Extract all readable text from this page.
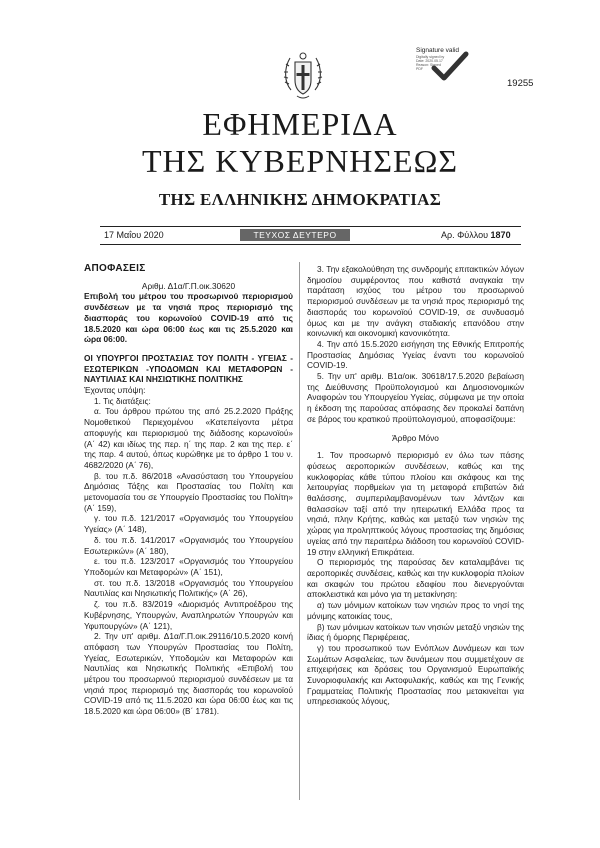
Signature valid
Digitally signed by
Date: 2020.05.17
Reason: Signed PDF
19255
ΕΦΗΜΕΡΙΔΑ
ΤΗΣ ΚΥΒΕΡΝΗΣΕΩΣ
ΤΗΣ ΕΛΛΗΝΙΚΗΣ ΔΗΜΟΚΡΑΤΙΑΣ
17 Μαΐου 2020	ΤΕΥΧΟΣ ΔΕΥΤΕΡΟ	Αρ. Φύλλου 1870

ΑΠΟΦΑΣΕΙΣ

Αριθμ. Δ1α/Γ.Π.οικ.30620

Επιβολή του μέτρου του προσωρινού περιορισμού συνδέσεων με τα νησιά προς περιορισμό της διασποράς του κορωνοϊού COVID-19 από τις 18.5.2020 και ώρα 06:00 έως και τις 25.5.2020 και ώρα 06:00.

ΟΙ ΥΠΟΥΡΓΟΙ ΠΡΟΣΤΑΣΙΑΣ ΤΟΥ ΠΟΛΙΤΗ - ΥΓΕΙΑΣ - ΕΣΩΤΕΡΙΚΩΝ -ΥΠΟΔΟΜΩΝ ΚΑΙ ΜΕΤΑΦΟΡΩΝ - ΝΑΥΤΙΛΙΑΣ ΚΑΙ ΝΗΣΙΩΤΙΚΗΣ ΠΟΛΙΤΙΚΗΣ

Έχοντας υπόψη:

1. Τις διατάξεις:

α. Του άρθρου πρώτου της από 25.2.2020 Πράξης Νομοθετικού Περιεχομένου «Κατεπείγοντα μέτρα αποφυγής και περιορισμού της διάδοσης κορωνοϊού» (Α΄ 42) και ιδίως της περ. η΄ της παρ. 2 και της περ. ε΄ της παρ. 4 αυτού, όπως κυρώθηκε με το άρθρο 1 του ν. 4682/2020 (Α΄ 76),

β. του π.δ. 86/2018 «Ανασύσταση του Υπουργείου Δημόσιας Τάξης και Προστασίας του Πολίτη και μετονομασία του σε Υπουργείο Προστασίας του Πολίτη» (Α΄ 159),

γ. του π.δ. 121/2017 «Οργανισμός του Υπουργείου Υγείας» (Α΄ 148),

δ. του π.δ. 141/2017 «Οργανισμός του Υπουργείου Εσωτερικών» (Α΄ 180),

ε. του π.δ. 123/2017 «Οργανισμός του Υπουργείου Υποδομών και Μεταφορών» (Α΄ 151),

στ. του π.δ. 13/2018 «Οργανισμός του Υπουργείου Ναυτιλίας και Νησιωτικής Πολιτικής» (Α΄ 26),

ζ. του π.δ. 83/2019 «Διορισμός Αντιπροέδρου της Κυβέρνησης, Υπουργών, Αναπληρωτών Υπουργών και Υφυπουργών» (Α΄ 121),

2. Την υπ' αριθμ. Δ1α/Γ.Π.οικ.29116/10.5.2020 κοινή απόφαση των Υπουργών Προστασίας του Πολίτη, Υγείας, Εσωτερικών, Υποδομών και Μεταφορών και Ναυτιλίας και Νησιωτικής Πολιτικής «Επιβολή του μέτρου του προσωρινού περιορισμού συνδέσεων με τα νησιά προς περιορισμό της διασποράς του κορωνοϊού COVID-19 από τις 11.5.2020 και ώρα 06:00 έως και τις 18.5.2020 και ώρα 06:00» (Β΄ 1781).

3. Την εξακολούθηση της συνδρομής επιτακτικών λόγων δημοσίου συμφέροντος που καθιστά αναγκαία την παράταση ισχύος του μέτρου του προσωρινού περιορισμού συνδέσεων με τα νησιά προς περιορισμό της διασποράς του κορωνοϊού COVID-19, σε συνδυασμό όμως και με την ανάγκη σταδιακής επανόδου στην κοινωνική και οικονομική κανονικότητα.

4. Την από 15.5.2020 εισήγηση της Εθνικής Επιτροπής Προστασίας Δημόσιας Υγείας έναντι του κορωνοϊού COVID-19.

5. Την υπ' αριθμ. Β1α/οικ. 30618/17.5.2020 βεβαίωση της Διεύθυνσης Προϋπολογισμού και Δημοσιονομικών Αναφορών του Υπουργείου Υγείας, σύμφωνα με την οποία η έκδοση της παρούσας απόφασης δεν προκαλεί δαπάνη σε βάρος του κρατικού προϋπολογισμού, αποφασίζουμε:

Άρθρο Μόνο

1. Τον προσωρινό περιορισμό εν όλω των πάσης φύσεως αεροπορικών συνδέσεων, καθώς και της κυκλοφορίας κάθε τύπου πλοίου και σκάφους και της λειτουργίας πορθμείων για τη μεταφορά επιβατών διά θαλάσσης, συμπεριλαμβανομένων των λάντζων και θαλασσίων ταξί από την ηπειρωτική Ελλάδα προς τα νησιά, πλην Κρήτης, καθώς και μεταξύ των νησιών της χώρας για προληπτικούς λόγους προστασίας της δημόσιας υγείας από την περαιτέρω διάδοση του κορωνοϊού COVID-19 στην ελληνική Επικράτεια.

Ο περιορισμός της παρούσας δεν καταλαμβάνει τις αεροπορικές συνδέσεις, καθώς και την κυκλοφορία πλοίων και σκαφών του πρώτου εδαφίου που διενεργούνται αποκλειστικά και μόνο για τη μετακίνηση:

α) των μόνιμων κατοίκων των νησιών προς το νησί της μόνιμης κατοικίας τους,

β) των μόνιμων κατοίκων των νησιών μεταξύ νησιών της ίδιας ή όμορης Περιφέρειας,

γ) του προσωπικού των Ενόπλων Δυνάμεων και των Σωμάτων Ασφαλείας, των δυνάμεων που συμμετέχουν σε επιχειρήσεις και δράσεις του Οργανισμού Ευρωπαϊκής Συνοριοφυλακής και Ακτοφυλακής, καθώς και της Γενικής Γραμματείας Πολιτικής Προστασίας που μετακινείται για υπηρεσιακούς λόγους,
